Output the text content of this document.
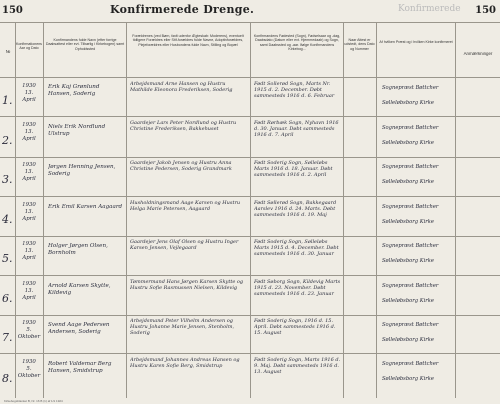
150	Konfirmerede Drenge.	Konfirmerede 150
№
Konfirmationens Aar og Dato
Konfirmandens fulde Navn (efter forrige Daabsattest eller evt. Tilbørlig i Kirkebogen) samt Opholdssted
Forældrenes (ved Børn, født udenfor Ægteskab: Moderens), eventuelt tidligere Forældres eller Stif-forældres fulde Navne, Adoptivforældres, Plejeforældres eller Husbondens fulde Navn, Stilling og Bopæl
Konfirmandens Fødested (Sogn), Fødselsaar og -dag, Daabsdato (Datum eller evt. Hjemmedaab) og Sogn, samt Daabssted og -aar. Ifølge Konfirmandens Kirkebog...
Naar Attest er udstedt, dens Dato og Nummer
Af hvilken Præst og i hvilken Kirke konfirmeret
Anmærkninger
1.
1930
13.
April
Erik Kaj Grønlund Hansen, Soderig
Arbejdsmand Arne Hansen og Hustru Mathilde Eleonora Frederiksen, Soderig
Født Sollerød Sogn, Marts Nr. 1915 d. 2. December. Døbt sammesteds 1916 d. 6. Februar
Sognepræst Bøttcher
Sølleløbsborg Kirke
2.
1930
13.
April
Niels Erik Nordlund Ulstrup
Gaardejer Lars Peter Nordlund og Hustru Christine Frederiksen, Bakkehuset
Født Rørbæk Sogn, Nyhavn 1916 d. 30. Januar. Døbt sammesteds 1916 d. 7. April
Sognepræst Bøttcher
Sølleløbsborg Kirke
3.
1930
13.
April
Jørgen Henning Jensen, Soderig
Gaardejer Jakob Jensen og Hustru Anna Christine Pedersen, Soderig Grandmark
Født Soderig Sogn, Sølleløbs Marts 1916 d. 18. Januar. Døbt sammesteds 1916 d. 2. April
Sognepræst Bøttcher
Sølleløbsborg Kirke
4.
1930
13.
April
Erik Emil Karsen Aagaard
Husholdningsmand Aage Karsen og Hustru Helga Marie Petersen, Aagaard
Født Søllerød Sogn, Bakkegaard Aarslev 1916 d. 24. Marts. Døbt sammesteds 1916 d. 19. Maj
Sognepræst Bøttcher
Sølleløbsborg Kirke
5.
1930
13.
April
Holger Jørgen Olsen, Bornholm
Gaardejer Jens Olaf Olsen og Hustru Inger Karsen Jensen, Vejlegaard
Født Soderig Sogn, Sølleløbs Marts 1915 d. 4. December. Døbt sammesteds 1916 d. 30. Januar
Sognepræst Bøttcher
Sølleløbsborg Kirke
6.
1930
13.
April
Arnold Karsen Skytte, Kildevig
Tømmermand Hans Jørgen Karsen Skytte og Hustru Sofie Rasmussen Nielsen, Kildevig
Født Søborg Sogn, Kildevig Marts 1915 d. 23. November. Døbt sammesteds 1916 d. 23. Januar
Sognepræst Bøttcher
Sølleløbsborg Kirke
7.
1930
5.
Oktober
Svend Aage Pedersen Andersen, Soderig
Arbejdsmand Peter Vilhelm Andersen og Hustru Johanne Marie Jensen, Stenholm, Soderig
Født Soderig Sogn, 1916 d. 15. April. Døbt sammesteds 1916 d. 15. August
Sognepræst Bøttcher
Sølleløbsborg Kirke
8.
1930
5.
Oktober
Robert Valdemar Berg Hansen, Smidstrup
Arbejdsmand Johannes Andreas Hansen og Hustru Karen Sofie Berg, Smidstrup
Født Soderig Sogn, Marts 1916 d. 9. Maj. Døbt sammesteds 1916 d. 13. August
Sognepræst Bøttcher
Sølleløbsborg Kirke
Kirkebogsblanket B, Nr. 16 B (1) af 1/1 1924
